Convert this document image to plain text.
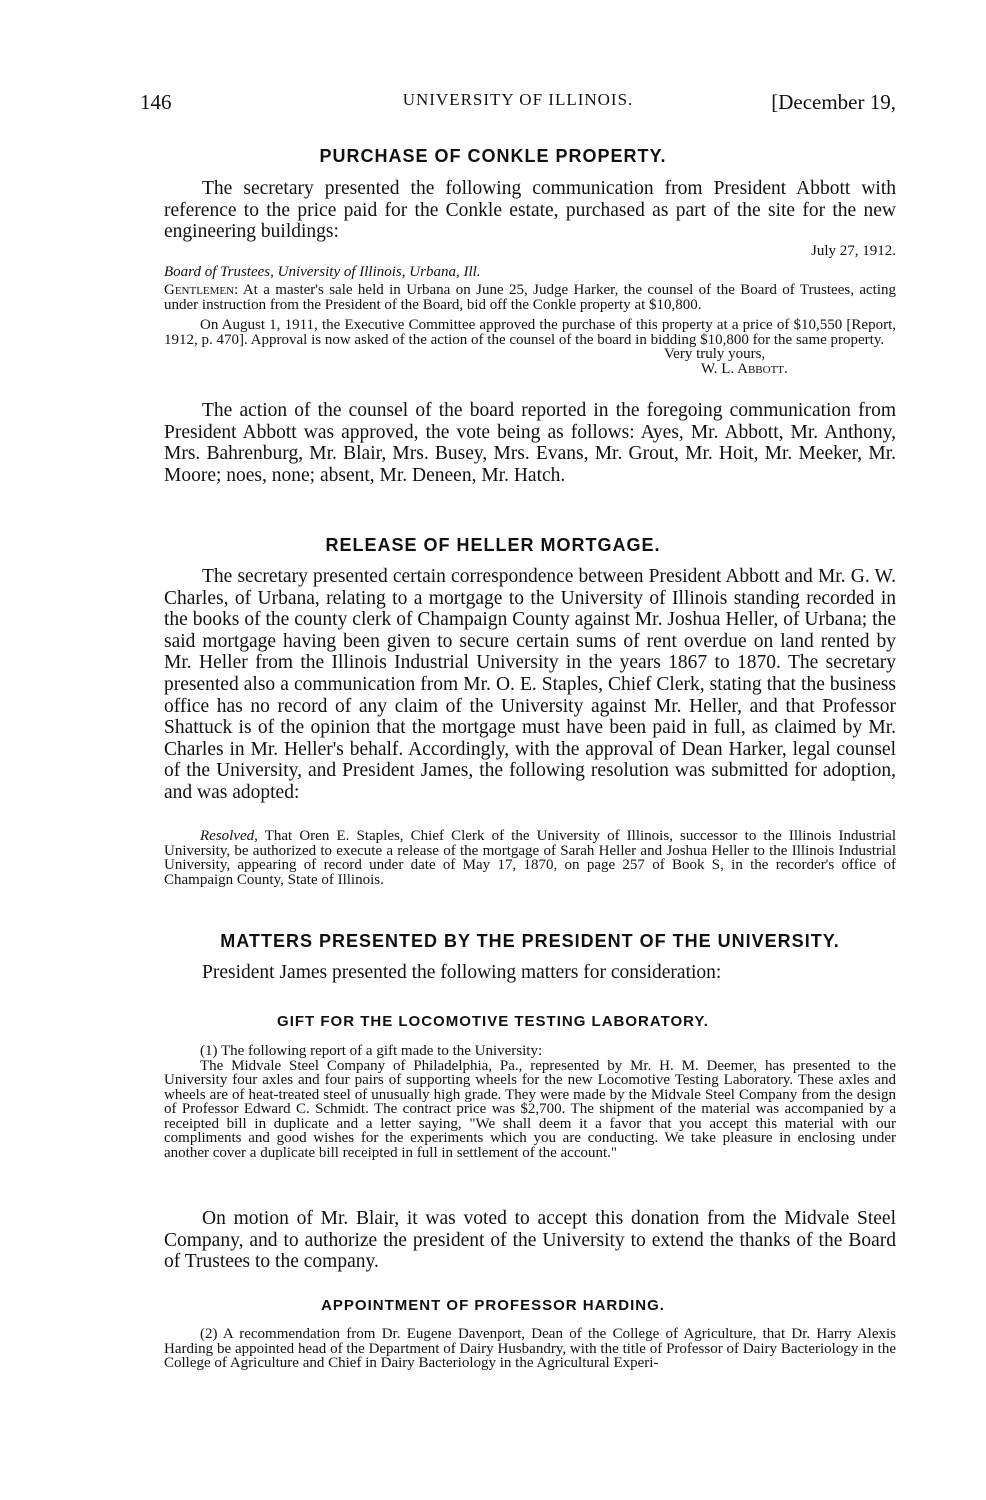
146	UNIVERSITY OF ILLINOIS.	[December 19,
PURCHASE OF CONKLE PROPERTY.

The secretary presented the following communication from President Abbott with reference to the price paid for the Conkle estate, purchased as part of the site for the new engineering buildings:

July 27, 1912.

Board of Trustees, University of Illinois, Urbana, Ill.

Gentlemen: At a master's sale held in Urbana on June 25, Judge Harker, the counsel of the Board of Trustees, acting under instruction from the President of the Board, bid off the Conkle property at $10,800.

On August 1, 1911, the Executive Committee approved the purchase of this property at a price of $10,550 [Report, 1912, p. 470]. Approval is now asked of the action of the counsel of the board in bidding $10,800 for the same property.

Very truly yours,

W. L. Abbott.

The action of the counsel of the board reported in the foregoing communication from President Abbott was approved, the vote being as follows: Ayes, Mr. Abbott, Mr. Anthony, Mrs. Bahrenburg, Mr. Blair, Mrs. Busey, Mrs. Evans, Mr. Grout, Mr. Hoit, Mr. Meeker, Mr. Moore; noes, none; absent, Mr. Deneen, Mr. Hatch.

RELEASE OF HELLER MORTGAGE.

The secretary presented certain correspondence between President Abbott and Mr. G. W. Charles, of Urbana, relating to a mortgage to the University of Illinois standing recorded in the books of the county clerk of Champaign County against Mr. Joshua Heller, of Urbana; the said mortgage having been given to secure certain sums of rent overdue on land rented by Mr. Heller from the Illinois Industrial University in the years 1867 to 1870. The secretary presented also a communication from Mr. O. E. Staples, Chief Clerk, stating that the business office has no record of any claim of the University against Mr. Heller, and that Professor Shattuck is of the opinion that the mortgage must have been paid in full, as claimed by Mr. Charles in Mr. Heller's behalf. Accordingly, with the approval of Dean Harker, legal counsel of the University, and President James, the following resolution was submitted for adoption, and was adopted:

Resolved, That Oren E. Staples, Chief Clerk of the University of Illinois, successor to the Illinois Industrial University, be authorized to execute a release of the mortgage of Sarah Heller and Joshua Heller to the Illinois Industrial University, appearing of record under date of May 17, 1870, on page 257 of Book S, in the recorder's office of Champaign County, State of Illinois.

MATTERS PRESENTED BY THE PRESIDENT OF THE UNIVERSITY.

President James presented the following matters for consideration:

GIFT FOR THE LOCOMOTIVE TESTING LABORATORY.

(1) The following report of a gift made to the University:

The Midvale Steel Company of Philadelphia, Pa., represented by Mr. H. M. Deemer, has presented to the University four axles and four pairs of supporting wheels for the new Locomotive Testing Laboratory. These axles and wheels are of heat-treated steel of unusually high grade. They were made by the Midvale Steel Company from the design of Professor Edward C. Schmidt. The contract price was $2,700. The shipment of the material was accompanied by a receipted bill in duplicate and a letter saying, "We shall deem it a favor that you accept this material with our compliments and good wishes for the experiments which you are conducting. We take pleasure in enclosing under another cover a duplicate bill receipted in full in settlement of the account."

On motion of Mr. Blair, it was voted to accept this donation from the Midvale Steel Company, and to authorize the president of the University to extend the thanks of the Board of Trustees to the company.

APPOINTMENT OF PROFESSOR HARDING.

(2) A recommendation from Dr. Eugene Davenport, Dean of the College of Agriculture, that Dr. Harry Alexis Harding be appointed head of the Department of Dairy Husbandry, with the title of Professor of Dairy Bacteriology in the College of Agriculture and Chief in Dairy Bacteriology in the Agricultural Experi-
